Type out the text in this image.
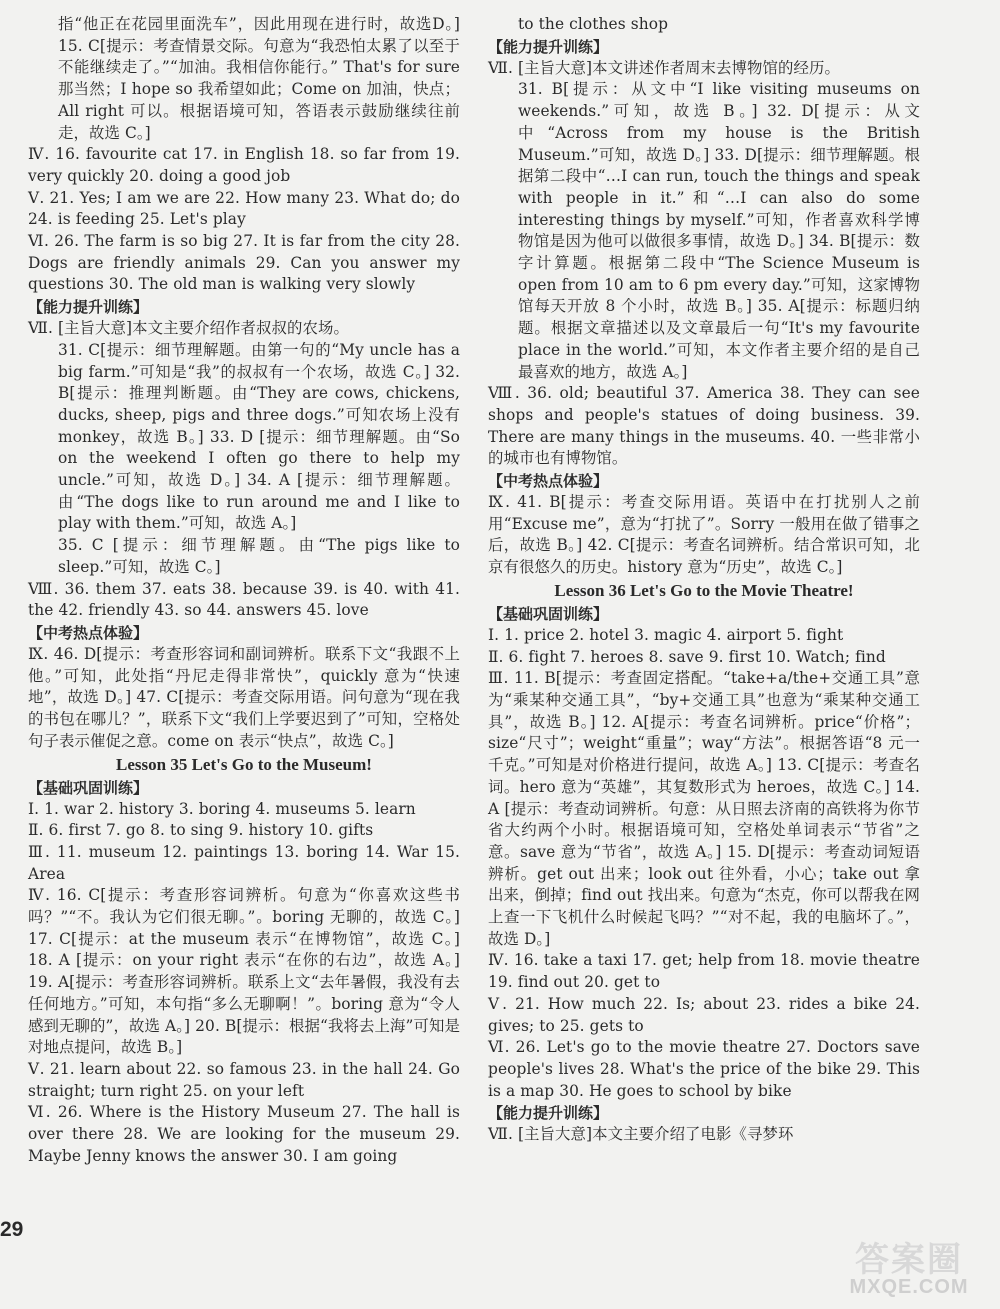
指“他正在花园里面洗车”，因此用现在进行时，故选D。] 15. C[提示：考查情景交际。句意为“我恐怕太累了以至于不能继续走了。”“加油。我相信你能行。” That's for sure 那当然；I hope so 我希望如此；Come on 加油，快点；All right 可以。根据语境可知，答语表示鼓励继续往前走，故选 C。]
Ⅳ. 16. favourite cat 17. in English 18. so far from 19. very quickly 20. doing a good job
Ⅴ. 21. Yes; I am we are 22. How many 23. What do; do 24. is feeding 25. Let's play
Ⅵ. 26. The farm is so big 27. It is far from the city 28. Dogs are friendly animals 29. Can you answer my questions 30. The old man is walking very slowly
【能力提升训练】
Ⅶ. [主旨大意]本文主要介绍作者叔叔的农场。
31. C[提示：细节理解题。由第一句的“My uncle has a big farm.”可知是“我”的叔叔有一个农场，故选 C。] 32. B[提示：推理判断题。由“They are cows, chickens, ducks, sheep, pigs and three dogs.”可知农场上没有 monkey，故选 B。] 33. D [提示：细节理解题。由“So on the weekend I often go there to help my uncle.”可知，故选 D。] 34. A [提示：细节理解题。由“The dogs like to run around me and I like to play with them.”可知，故选 A。]
35. C [提示：细节理解题。由“The pigs like to sleep.”可知，故选 C。]
Ⅷ. 36. them 37. eats 38. because 39. is 40. with 41. the 42. friendly 43. so 44. answers 45. love
【中考热点体验】
Ⅸ. 46. D[提示：考查形容词和副词辨析。联系下文“我跟不上他。”可知，此处指“丹尼走得非常快”，quickly 意为“快速地”，故选 D。] 47. C[提示：考查交际用语。问句意为“现在我的书包在哪儿？”，联系下文“我们上学要迟到了”可知，空格处句子表示催促之意。come on 表示“快点”，故选 C。]
Lesson 35 Let's Go to the Museum!
【基础巩固训练】
Ⅰ. 1. war 2. history 3. boring 4. museums 5. learn
Ⅱ. 6. first 7. go 8. to sing 9. history 10. gifts
Ⅲ. 11. museum 12. paintings 13. boring 14. War 15. Area
Ⅳ. 16. C[提示：考查形容词辨析。句意为“你喜欢这些书吗？”“不。我认为它们很无聊。”。boring 无聊的，故选 C。] 17. C[提示：at the museum 表示“在博物馆”，故选 C。] 18. A [提示：on your right 表示“在你的右边”，故选 A。] 19. A[提示：考查形容词辨析。联系上文“去年暑假，我没有去任何地方。”可知，本句指“多么无聊啊！”。boring 意为“令人感到无聊的”，故选 A。] 20. B[提示：根据“我将去上海”可知是对地点提问，故选 B。]
Ⅴ. 21. learn about 22. so famous 23. in the hall 24. Go straight; turn right 25. on your left
Ⅵ. 26. Where is the History Museum 27. The hall is over there 28. We are looking for the museum 29. Maybe Jenny knows the answer 30. I am going
to the clothes shop
【能力提升训练】
Ⅶ. [主旨大意]本文讲述作者周末去博物馆的经历。
31. B[提示：从文中“I like visiting museums on weekends.”可知，故选 B。] 32. D[提示：从文中“Across from my house is the British Museum.”可知，故选 D。] 33. D[提示：细节理解题。根据第二段中“…I can run, touch the things and speak with people in it.”和“…I can also do some interesting things by myself.”可知，作者喜欢科学博物馆是因为他可以做很多事情，故选 D。] 34. B[提示：数字计算题。根据第二段中“The Science Museum is open from 10 am to 6 pm every day.”可知，这家博物馆每天开放 8 个小时，故选 B。] 35. A[提示：标题归纳题。根据文章描述以及文章最后一句“It's my favourite place in the world.”可知，本文作者主要介绍的是自己最喜欢的地方，故选 A。]
Ⅷ. 36. old; beautiful 37. America 38. They can see shops and people's statues of doing business. 39. There are many things in the museums. 40. 一些非常小的城市也有博物馆。
【中考热点体验】
Ⅸ. 41. B[提示：考查交际用语。英语中在打扰别人之前用“Excuse me”，意为“打扰了”。Sorry 一般用在做了错事之后，故选 B。] 42. C[提示：考查名词辨析。结合常识可知，北京有很悠久的历史。history 意为“历史”，故选 C。]
Lesson 36 Let's Go to the Movie Theatre!
【基础巩固训练】
Ⅰ. 1. price 2. hotel 3. magic 4. airport 5. fight
Ⅱ. 6. fight 7. heroes 8. save 9. first 10. Watch; find
Ⅲ. 11. B[提示：考查固定搭配。“take+a/the+交通工具”意为“乘某种交通工具”，“by+交通工具”也意为“乘某种交通工具”，故选 B。] 12. A[提示：考查名词辨析。price“价格”；size“尺寸”；weight“重量”；way“方法”。根据答语“8 元一千克。”可知是对价格进行提问，故选 A。] 13. C[提示：考查名词。hero 意为“英雄”，其复数形式为 heroes，故选 C。] 14. A [提示：考查动词辨析。句意：从日照去济南的高铁将为你节省大约两个小时。根据语境可知，空格处单词表示“节省”之意。save 意为“节省”，故选 A。] 15. D[提示：考查动词短语辨析。get out 出来；look out 往外看，小心；take out 拿出来，倒掉；find out 找出来。句意为“杰克，你可以帮我在网上查一下飞机什么时候起飞吗？”“对不起，我的电脑坏了。”，故选 D。]
Ⅳ. 16. take a taxi 17. get; help from 18. movie theatre 19. find out 20. get to
Ⅴ. 21. How much 22. Is; about 23. rides a bike 24. gives; to 25. gets to
Ⅵ. 26. Let's go to the movie theatre 27. Doctors save people's lives 28. What's the price of the bike 29. This is a map 30. He goes to school by bike
【能力提升训练】
Ⅶ. [主旨大意]本文主要介绍了电影《寻梦环
29
答案圈
MXQE.COM
